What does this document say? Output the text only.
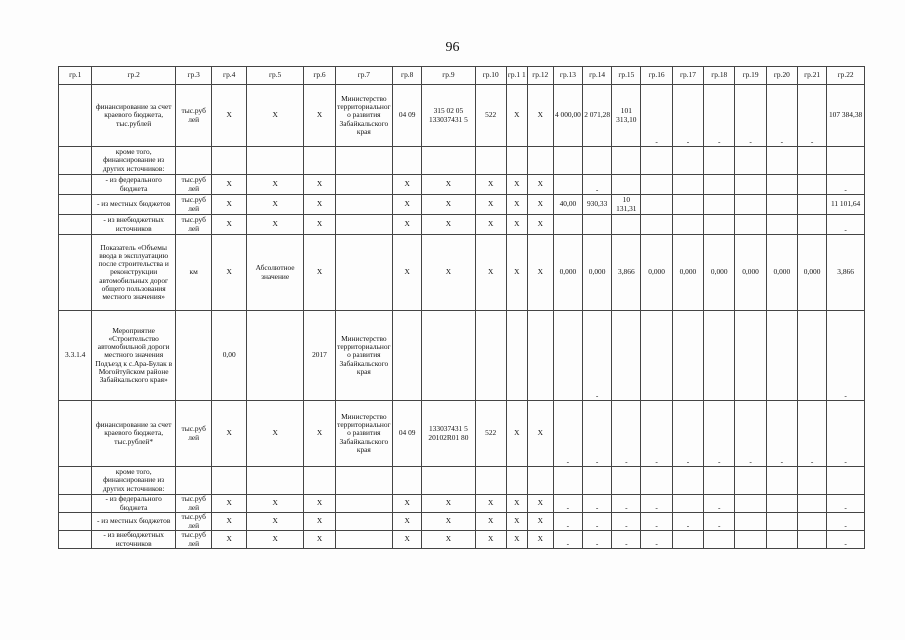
96
гр.1	гр.2	гр.3	гр.4	гр.5	гр.6	гр.7	гр.8	гр.9	гр.10	гр.1 1	гр.12	гр.13	гр.14	гр.15	гр.16	гр.17	гр.18	гр.19	гр.20	гр.21	гр.22
	финансирование за счет краевого бюджета, тыс.рублей	тыс.руб лей	X	X	X	Министерство территориального развития Забайкальского края	04 09	315 02 05 133037431 5	522	X	X	4 000,00	2 071,28	101 313,10	-	-	-	-	-	-	107 384,38
	кроме того, финансирование из других источников:																				
	- из федерального бюджета	тыс.руб лей	X	X	X		X	X	X	X	X		-								-
	- из местных бюджетов	тыс.руб лей	X	X	X		X	X	X	X	X	40,00	930,33	10 131,31							11 101,64
	- из внебюджетных источников	тыс.руб лей	X	X	X		X	X	X	X	X										-
	Показатель «Объемы ввода в эксплуатацию после строительства и реконструкции автомобильных дорог общего пользования местного значения»	км	X	Абсолютное значение	X		X	X	X	X	X	0,000	0,000	3,866	0,000	0,000	0,000	0,000	0,000	0,000	3,866
3.3.1.4	Мероприятие «Строительство автомобильной дороги местного значения Подъезд к с.Ара-Булак в Могойтуйском районе Забайкальского края»		0,00		2017	Министерство территориального развития Забайкальского края							-								-
	финансирование за счет краевого бюджета, тыс.рублей*	тыс.руб лей	X	X	X	Министерство территориального развития Забайкальского края	04 09	133037431 5 20102R01 80	522	X	X	-	-	-	-	-	-	-	-	-	-
	кроме того, финансирование из других источников:																				
	- из федерального бюджета	тыс.руб лей	X	X	X		X	X	X	X	X	-	-	-	-		-				-
	- из местных бюджетов	тыс.руб лей	X	X	X		X	X	X	X	X	-	-	-	-	-	-				-
	- из внебюджетных источников	тыс.руб лей	X	X	X		X	X	X	X	X	-	-	-	-						-
